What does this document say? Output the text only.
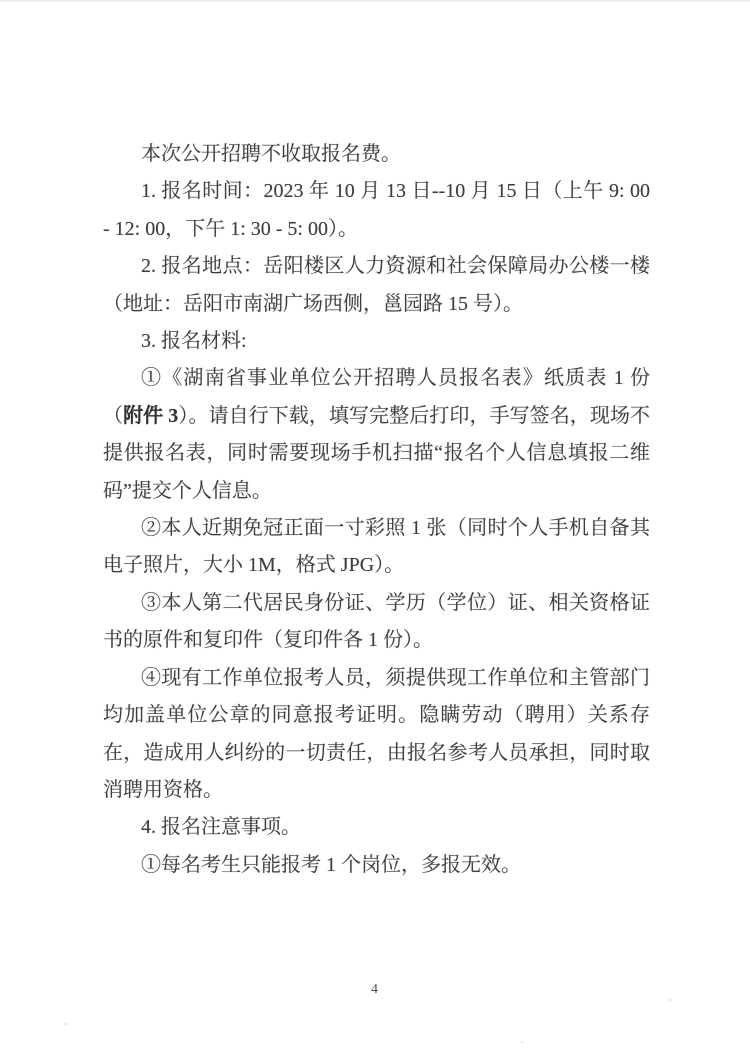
本次公开招聘不收取报名费。

1. 报名时间：2023 年 10 月 13 日--10 月 15 日（上午 9: 00 - 12: 00，下午 1: 30 - 5: 00）。

2. 报名地点：岳阳楼区人力资源和社会保障局办公楼一楼（地址：岳阳市南湖广场西侧，邕园路 15 号）。

3. 报名材料:

①《湖南省事业单位公开招聘人员报名表》纸质表 1 份（附件 3）。请自行下载，填写完整后打印，手写签名，现场不提供报名表，同时需要现场手机扫描“报名个人信息填报二维码”提交个人信息。

②本人近期免冠正面一寸彩照 1 张（同时个人手机自备其电子照片，大小 1M，格式 JPG）。

③本人第二代居民身份证、学历（学位）证、相关资格证书的原件和复印件（复印件各 1 份）。

④现有工作单位报考人员，须提供现工作单位和主管部门均加盖单位公章的同意报考证明。隐瞒劳动（聘用）关系存在，造成用人纠纷的一切责任，由报名参考人员承担，同时取消聘用资格。

4. 报名注意事项。

①每名考生只能报考 1 个岗位，多报无效。

4
